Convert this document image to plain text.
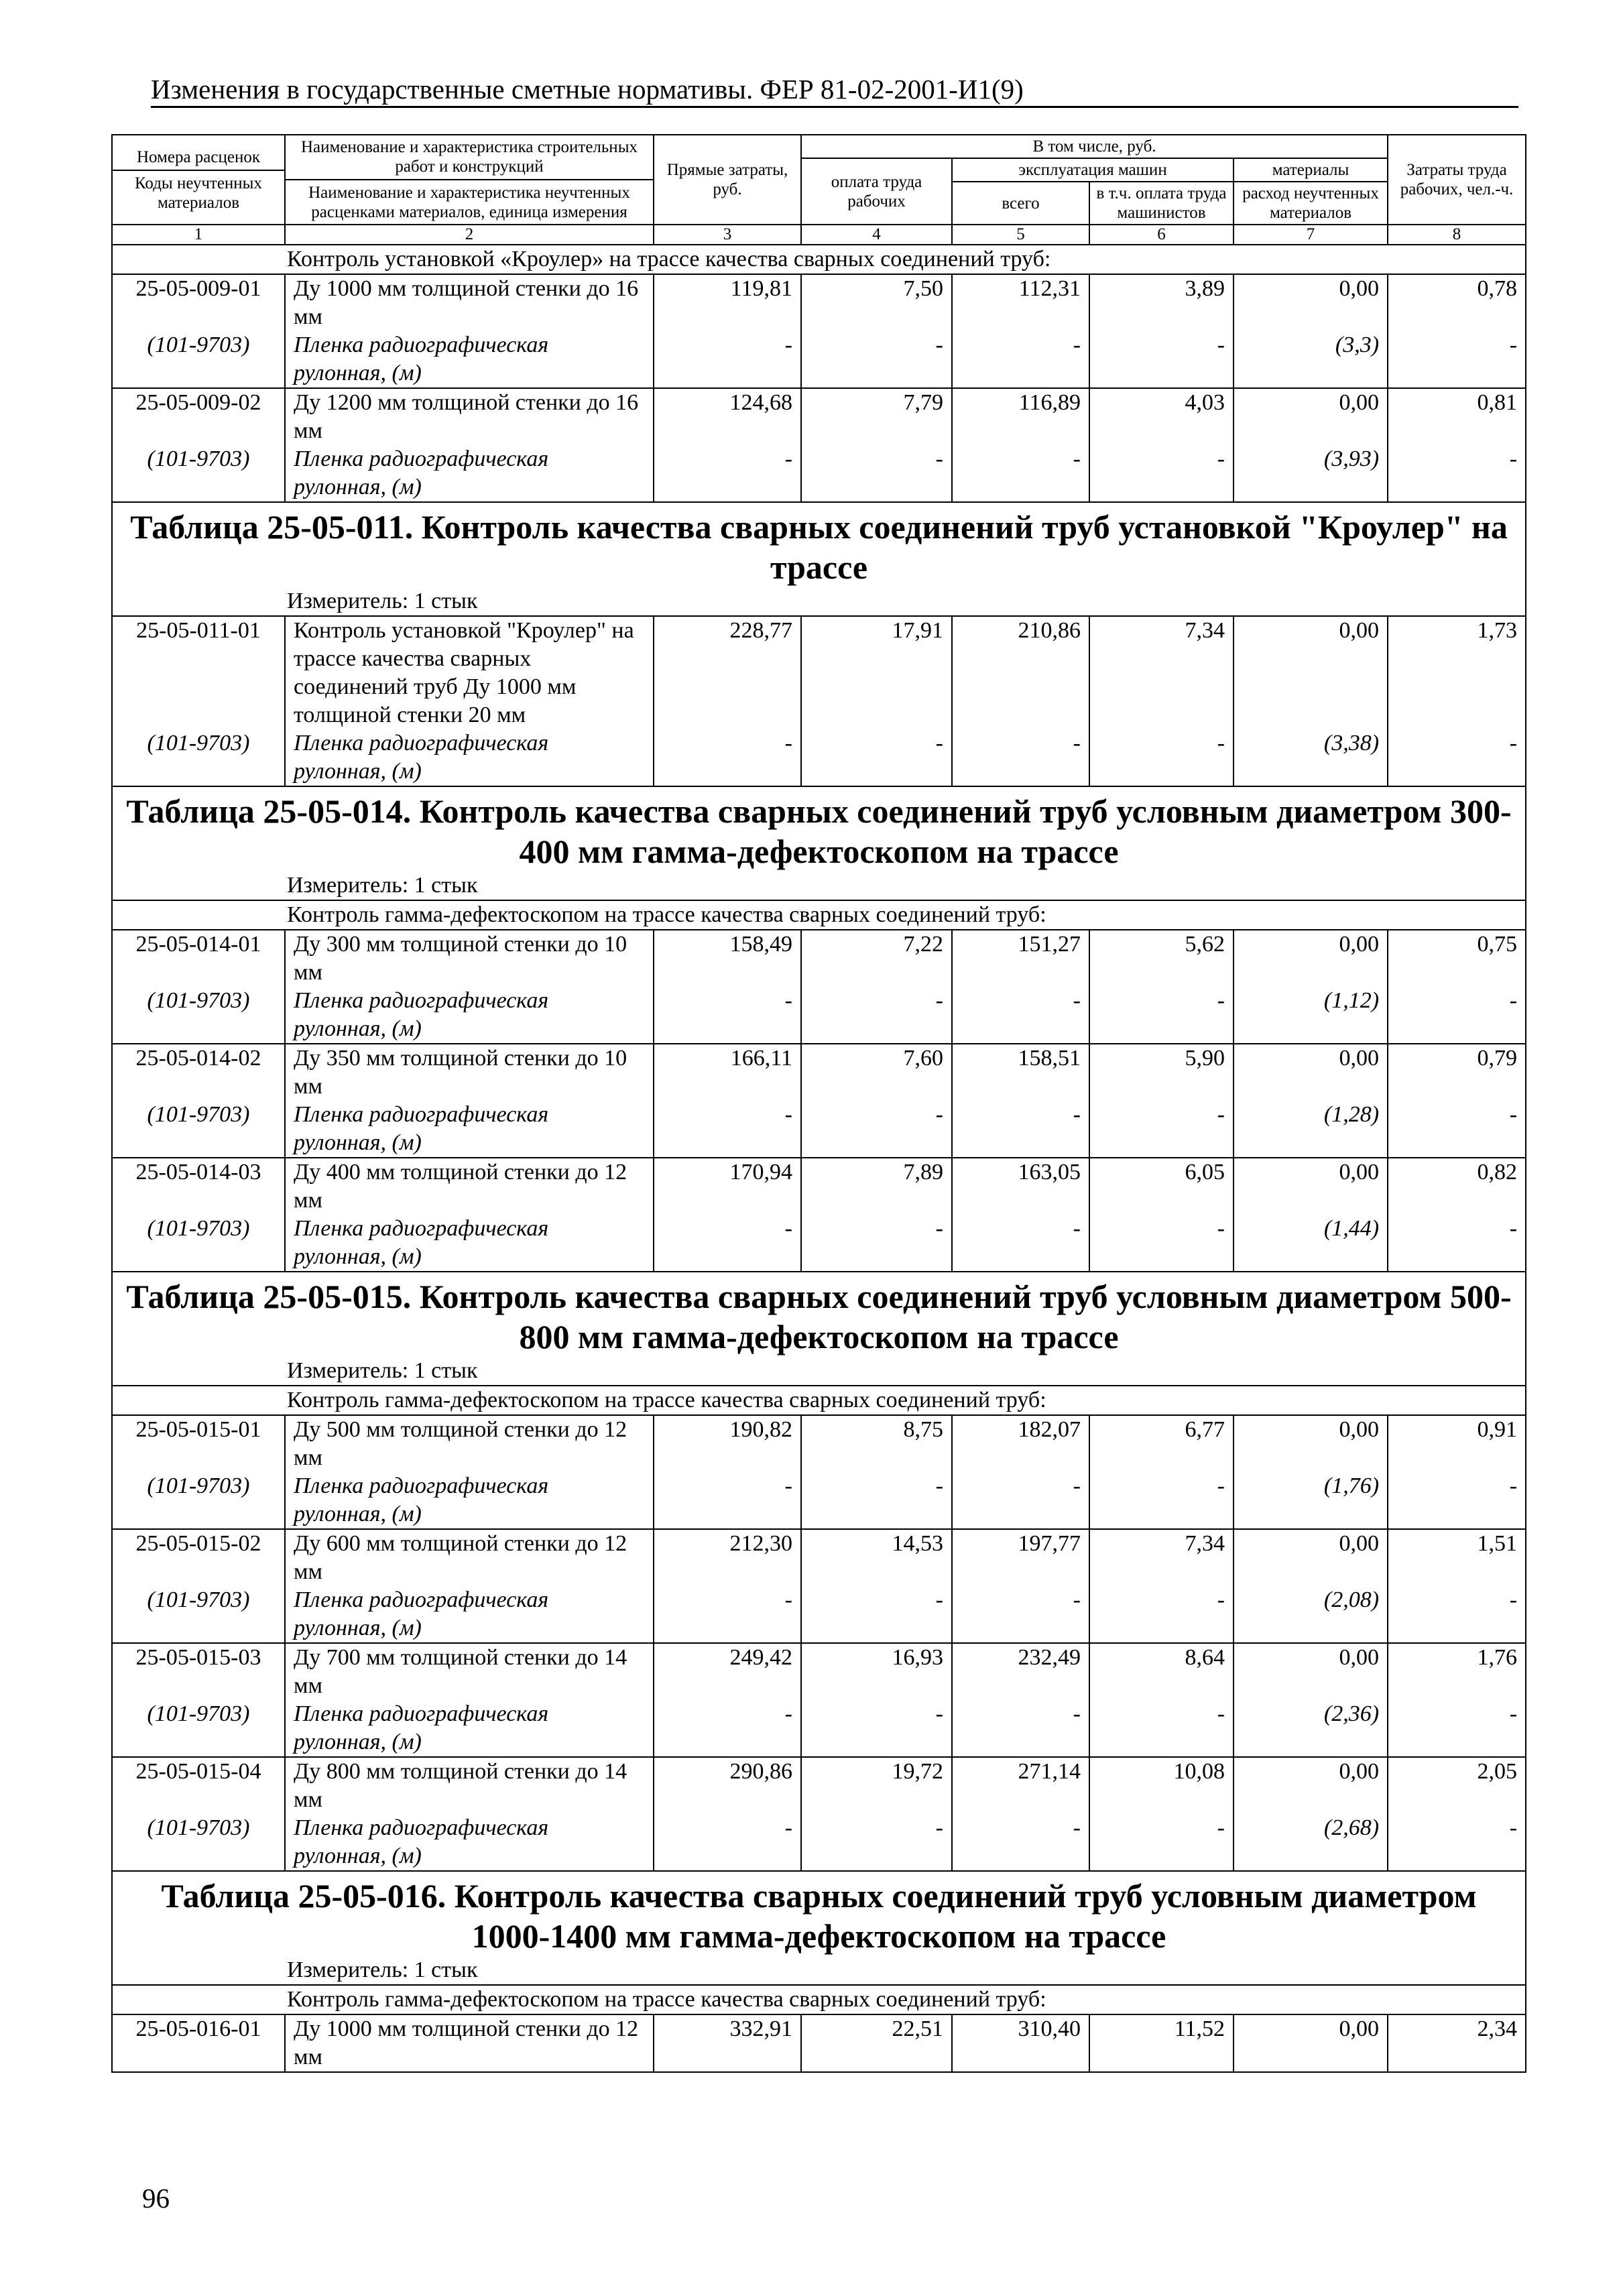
Изменения в государственные сметные нормативы. ФЕР 81-02-2001-И1(9)
Номера расценок
Коды неучтенных материалов	Наименование и характеристика строительных работ и конструкций
Наименование и характеристика неучтенных расценками материалов, единица измерения	Прямые затраты, руб.	В том числе, руб.				Затраты труда рабочих, чел.-ч.
			оплата труда рабочих	эксплуатация машин		материалы	
				всего	в т.ч. оплата труда машинистов	расход неучтенных материалов	
1	2	3	4	5	6	7	8
Контроль установкой «Кроулер» на трассе качества сварных соединений труб:							
25-05-009-01	Ду 1000 мм толщиной стенки до 16 мм	119,81	7,50	112,31	3,89	0,00	0,78
(101-9703)	Пленка радиографическая рулонная, (м)	-	-	-	-	(3,3)	-
25-05-009-02	Ду 1200 мм толщиной стенки до 16 мм	124,68	7,79	116,89	4,03	0,00	0,81
(101-9703)	Пленка радиографическая рулонная, (м)	-	-	-	-	(3,93)	-
Таблица 25-05-011. Контроль качества сварных соединений труб установкой "Кроулер" на трассе							
Измеритель: 1 стык							
25-05-011-01	Контроль установкой "Кроулер" на трассе качества сварных соединений труб Ду 1000 мм толщиной стенки 20 мм	228,77	17,91	210,86	7,34	0,00	1,73
(101-9703)	Пленка радиографическая рулонная, (м)	-	-	-	-	(3,38)	-
Таблица 25-05-014. Контроль качества сварных соединений труб условным диаметром 300-400 мм гамма-дефектоскопом на трассе							
Измеритель: 1 стык							
Контроль гамма-дефектоскопом на трассе качества сварных соединений труб:							
25-05-014-01	Ду 300 мм толщиной стенки до 10 мм	158,49	7,22	151,27	5,62	0,00	0,75
(101-9703)	Пленка радиографическая рулонная, (м)	-	-	-	-	(1,12)	-
25-05-014-02	Ду 350 мм толщиной стенки до 10 мм	166,11	7,60	158,51	5,90	0,00	0,79
(101-9703)	Пленка радиографическая рулонная, (м)	-	-	-	-	(1,28)	-
25-05-014-03	Ду 400 мм толщиной стенки до 12 мм	170,94	7,89	163,05	6,05	0,00	0,82
(101-9703)	Пленка радиографическая рулонная, (м)	-	-	-	-	(1,44)	-
Таблица 25-05-015. Контроль качества сварных соединений труб условным диаметром 500-800 мм гамма-дефектоскопом на трассе							
Измеритель: 1 стык							
Контроль гамма-дефектоскопом на трассе качества сварных соединений труб:							
25-05-015-01	Ду 500 мм толщиной стенки до 12 мм	190,82	8,75	182,07	6,77	0,00	0,91
(101-9703)	Пленка радиографическая рулонная, (м)	-	-	-	-	(1,76)	-
25-05-015-02	Ду 600 мм толщиной стенки до 12 мм	212,30	14,53	197,77	7,34	0,00	1,51
(101-9703)	Пленка радиографическая рулонная, (м)	-	-	-	-	(2,08)	-
25-05-015-03	Ду 700 мм толщиной стенки до 14 мм	249,42	16,93	232,49	8,64	0,00	1,76
(101-9703)	Пленка радиографическая рулонная, (м)	-	-	-	-	(2,36)	-
25-05-015-04	Ду 800 мм толщиной стенки до 14 мм	290,86	19,72	271,14	10,08	0,00	2,05
(101-9703)	Пленка радиографическая рулонная, (м)	-	-	-	-	(2,68)	-
Таблица 25-05-016. Контроль качества сварных соединений труб условным диаметром 1000-1400 мм гамма-дефектоскопом на трассе							
Измеритель: 1 стык							
Контроль гамма-дефектоскопом на трассе качества сварных соединений труб:							
25-05-016-01	Ду 1000 мм толщиной стенки до 12 мм	332,91	22,51	310,40	11,52	0,00	2,34
96
